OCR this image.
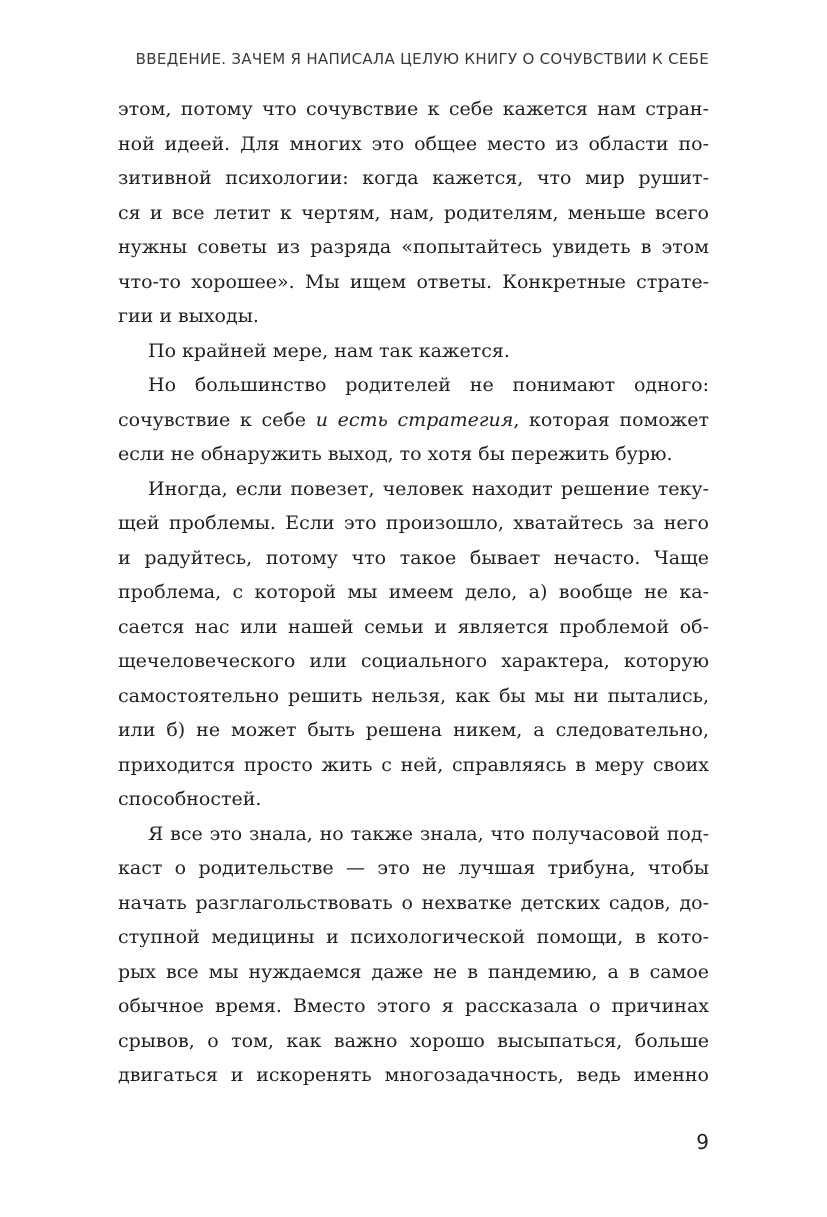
ВВЕДЕНИЕ. ЗАЧЕМ Я НАПИСАЛА ЦЕЛУЮ КНИГУ О СОЧУВСТВИИ К СЕБЕ
этом, потому что сочувствие к себе кажется нам стран-
ной идеей. Для многих это общее место из области по-
зитивной психологии: когда кажется, что мир рушит-
ся и все летит к чертям, нам, родителям, меньше всего
нужны советы из разряда «попытайтесь увидеть в этом
что-то хорошее». Мы ищем ответы. Конкретные страте-
гии и выходы.
По крайней мере, нам так кажется.
Но большинство родителей не понимают одного:
сочувствие к себе и есть стратегия, которая поможет
если не обнаружить выход, то хотя бы пережить бурю.
Иногда, если повезет, человек находит решение теку-
щей проблемы. Если это произошло, хватайтесь за него
и радуйтесь, потому что такое бывает нечасто. Чаще
проблема, с которой мы имеем дело, а) вообще не ка-
сается нас или нашей семьи и является проблемой об-
щечеловеческого или социального характера, которую
самостоятельно решить нельзя, как бы мы ни пытались,
или б) не может быть решена никем, а следовательно,
приходится просто жить с ней, справляясь в меру своих
способностей.
Я все это знала, но также знала, что получасовой под-
каст о родительстве — это не лучшая трибуна, чтобы
начать разглагольствовать о нехватке детских садов, до-
ступной медицины и психологической помощи, в кото-
рых все мы нуждаемся даже не в пандемию, а в самое
обычное время. Вместо этого я рассказала о причинах
срывов, о том, как важно хорошо высыпаться, больше
двигаться и искоренять многозадачность, ведь именно
9
